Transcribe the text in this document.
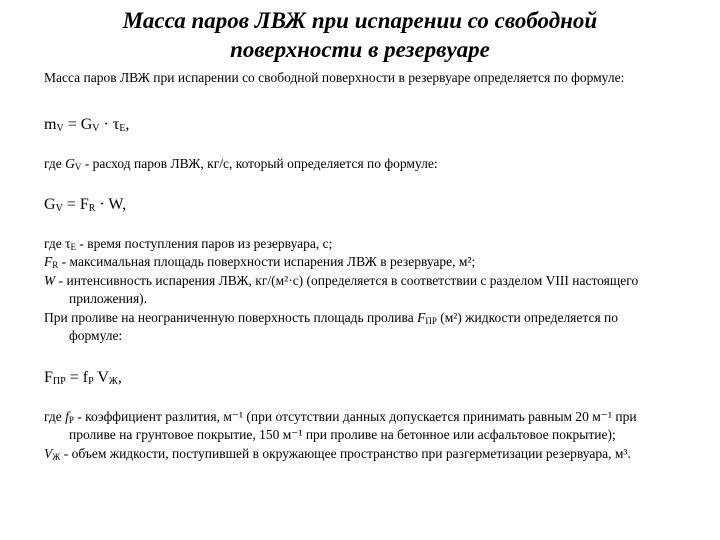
Масса паров ЛВЖ при испарении со свободной
поверхности в резервуаре
Масса паров ЛВЖ при испарении со свободной поверхности в резервуаре определяется по формуле:
$m_V = G_V \cdot \tau_E$,
где $G_V$ - расход паров ЛВЖ, кг/с, который определяется по формуле:
$G_V = F_R \cdot W$,
где $\tau_E$ - время поступления паров из резервуара, с;
$F_R$ - максимальная площадь поверхности испарения ЛВЖ в резервуаре, м²;
W - интенсивность испарения ЛВЖ, кг/(м²·с) (определяется в соответствии с разделом VIII настоящего
приложения).
При проливе на неограниченную поверхность площадь пролива $F_{ПР}$ (м²) жидкости определяется по
формуле:
$F_{ПР} = f_P$ $V_Ж$,
где $f_P$ - коэффициент разлития, м⁻¹ (при отсутствии данных допускается принимать равным 20 м⁻¹ при
проливе на грунтовое покрытие, 150 м⁻¹ при проливе на бетонное или асфальтовое покрытие);
$V_Ж$ - объем жидкости, поступившей в окружающее пространство при разгерметизации резервуара, м³.
